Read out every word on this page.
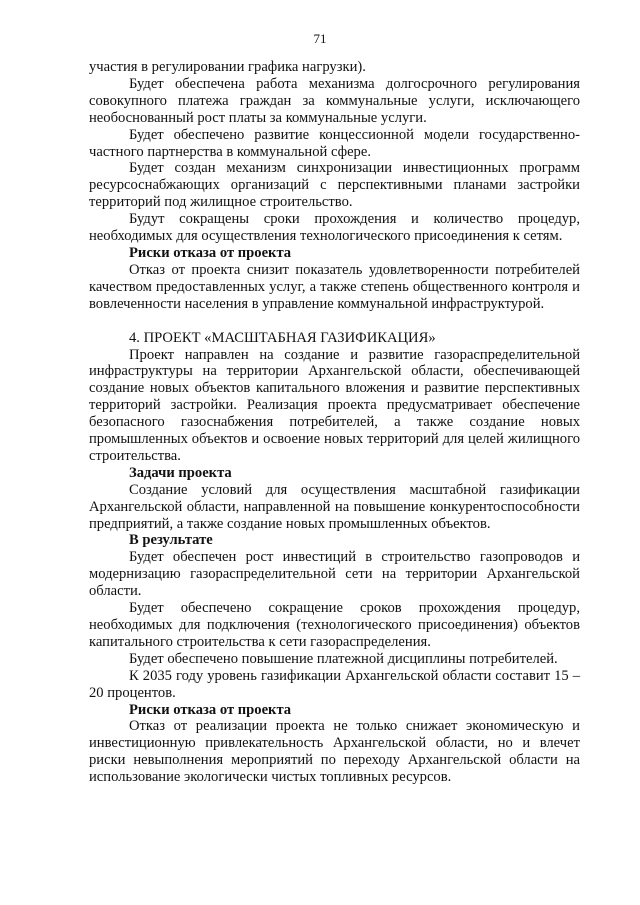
71

участия в регулировании графика нагрузки).

Будет обеспечена работа механизма долгосрочного регулирования совокупного платежа граждан за коммунальные услуги, исключающего необоснованный рост платы за коммунальные услуги.

Будет обеспечено развитие концессионной модели государственно-частного партнерства в коммунальной сфере.

Будет создан механизм синхронизации инвестиционных программ ресурсоснабжающих организаций с перспективными планами застройки территорий под жилищное строительство.

Будут сокращены сроки прохождения и количество процедур, необходимых для осуществления технологического присоединения к сетям.

Риски отказа от проекта

Отказ от проекта снизит показатель удовлетворенности потребителей качеством предоставленных услуг, а также степень общественного контроля и вовлеченности населения в управление коммунальной инфраструктурой.

4. ПРОЕКТ «МАСШТАБНАЯ ГАЗИФИКАЦИЯ»

Проект направлен на создание и развитие газораспределительной инфраструктуры на территории Архангельской области, обеспечивающей создание новых объектов капитального вложения и развитие перспективных территорий застройки. Реализация проекта предусматривает обеспечение безопасного газоснабжения потребителей, а также создание новых промышленных объектов и освоение новых территорий для целей жилищного строительства.

Задачи проекта

Создание условий для осуществления масштабной газификации Архангельской области, направленной на повышение конкурентоспособности предприятий, а также создание новых промышленных объектов.

В результате

Будет обеспечен рост инвестиций в строительство газопроводов и модернизацию газораспределительной сети на территории Архангельской области.

Будет обеспечено сокращение сроков прохождения процедур, необходимых для подключения (технологического присоединения) объектов капитального строительства к сети газораспределения.

Будет обеспечено повышение платежной дисциплины потребителей.

К 2035 году уровень газификации Архангельской области составит 15 – 20 процентов.

Риски отказа от проекта

Отказ от реализации проекта не только снижает экономическую и инвестиционную привлекательность Архангельской области, но и влечет риски невыполнения мероприятий по переходу Архангельской области на использование экологически чистых топливных ресурсов.
